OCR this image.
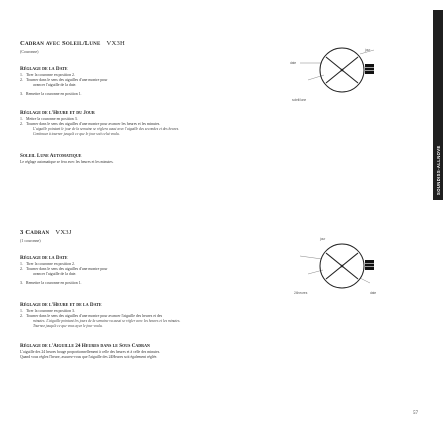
SOUNDISS-ALLNOVE
Cadran avec Soleil/Lune VX3H
(Couronne)
Réglage de la Date
1. Tirer la couronne en position 2.
2. Tourner dans le sens des aiguilles d'une montre pour
avancer l'aiguille de la date.
3. Remettre la couronne en position 1.
Réglage de l'Heure et du Jour
1. Mettre la couronne en position 3.
2. Tourner dans le sens des aiguilles d'une montre pour avancer les heures et les minutes.
L'aiguille pointant le jour de la semaine se réglera aussi avec l'aiguille des secondes et des heures.
Continuez à tourner jusqu'à ce que le jour soit celui voulu.
Soleil Lune Automatique
Le réglage automatique se fera avec les heures et les minutes.
jour
date
soleil/lune
3 Cadran VX3J
(1 couronne)
Réglage de la Date
1. Tirer la couronne en position 2.
2. Tourner dans le sens des aiguilles d'une montre pour
avancer l'aiguille de la date.
3. Remettre la couronne en position 1.
Réglage de l'Heure et de la Date
1. Tirer la couronne en position 3.
2. Tourner dans le sens des aiguilles d'une montre pour avancer l'aiguille des heures et des
minutes. L'aiguille pointant les jours de la semaine va aussi se régler avec les heures et les minutes.
Tournez jusqu'à ce que vous ayez le jour voulu.
Réglage de l'Aiguille 24 Heures dans le Sous Cadran
L'aiguille des 24 heures bouge proportionnellement à celle des heures et à celle des minutes.
Quand vous réglez l'heure, assurez-vous que l'aiguille des 24Heures soit également réglée.
jour
24heures	date
57
